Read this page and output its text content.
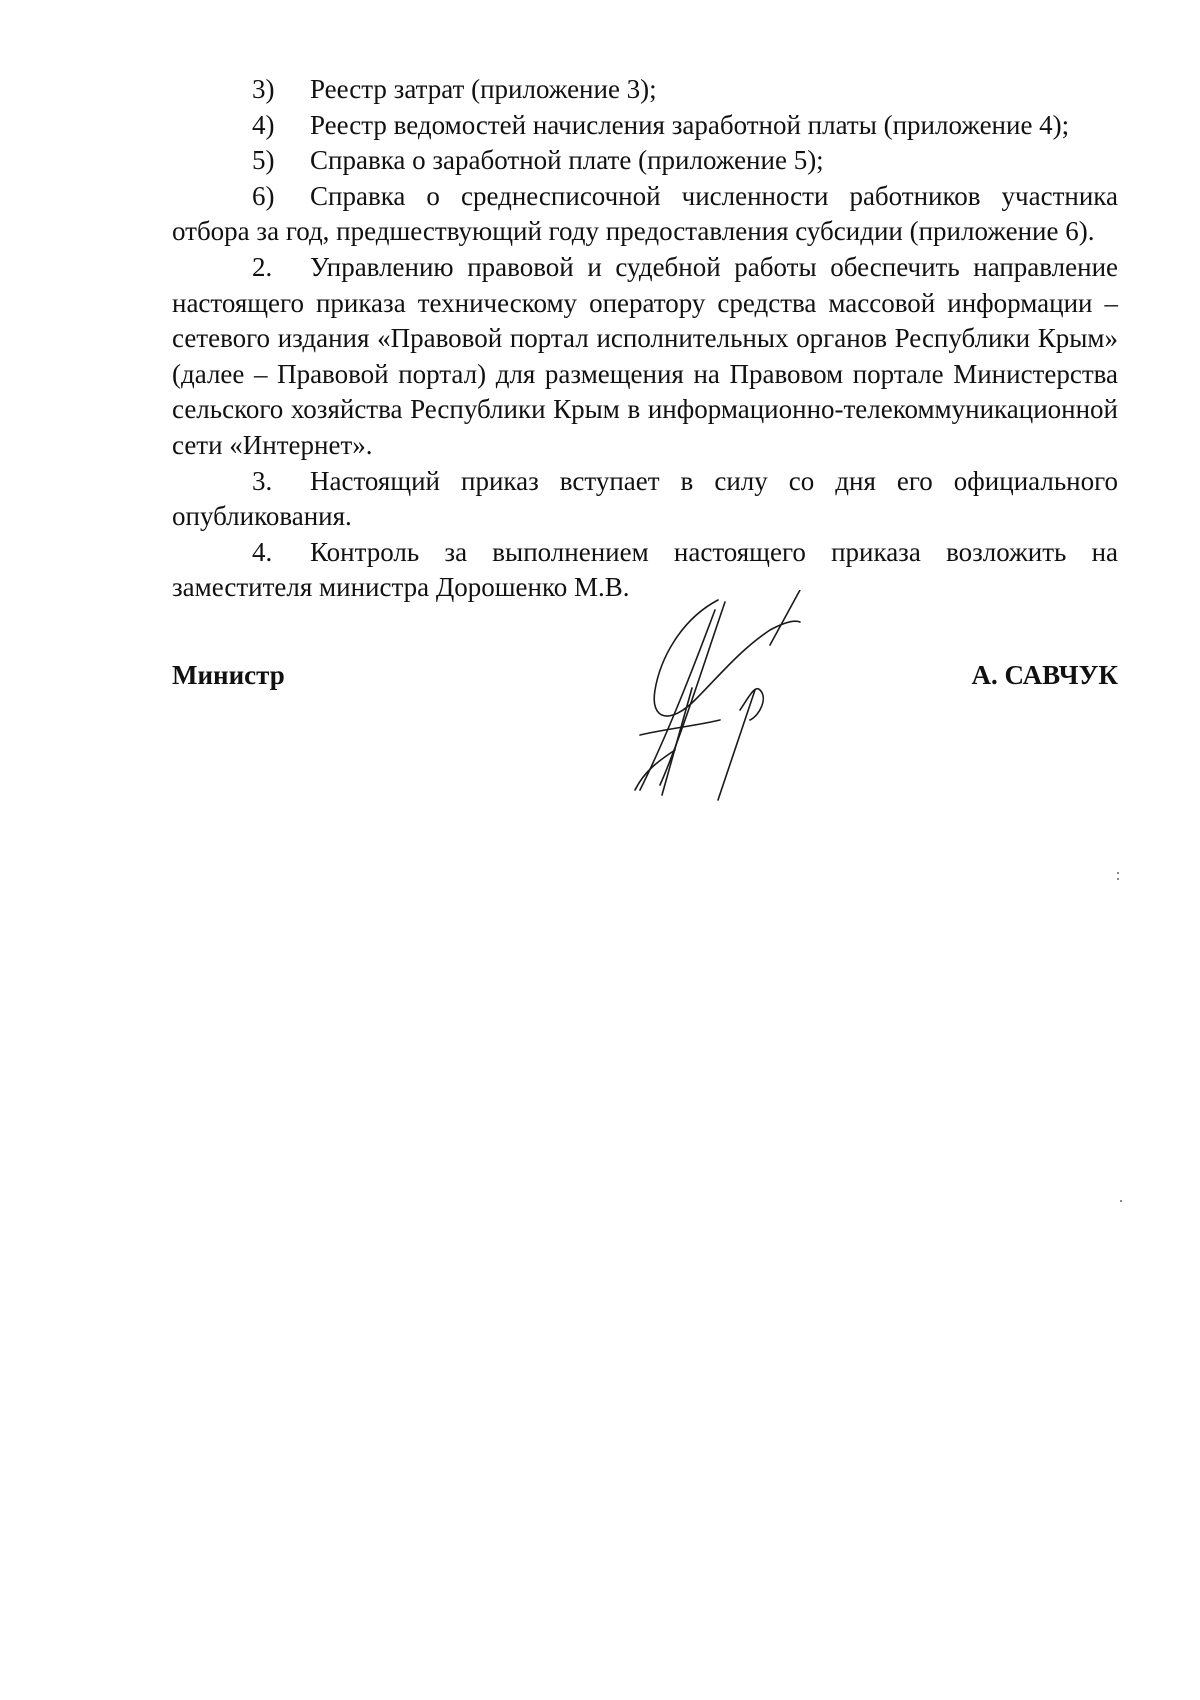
3) Реестр затрат (приложение 3);
4) Реестр ведомостей начисления заработной платы (приложение 4);
5) Справка о заработной плате (приложение 5);
6) Справка о среднесписочной численности работников участника отбора за год, предшествующий году предоставления субсидии (приложение 6).
2. Управлению правовой и судебной работы обеспечить направление настоящего приказа техническому оператору средства массовой информации – сетевого издания «Правовой портал исполнительных органов Республики Крым» (далее – Правовой портал) для размещения на Правовом портале Министерства сельского хозяйства Республики Крым в информационно-телекоммуникационной сети «Интернет».
3. Настоящий приказ вступает в силу со дня его официального опубликования.
4. Контроль за выполнением настоящего приказа возложить на заместителя министра Дорошенко М.В.
Министр	А. САВЧУК
